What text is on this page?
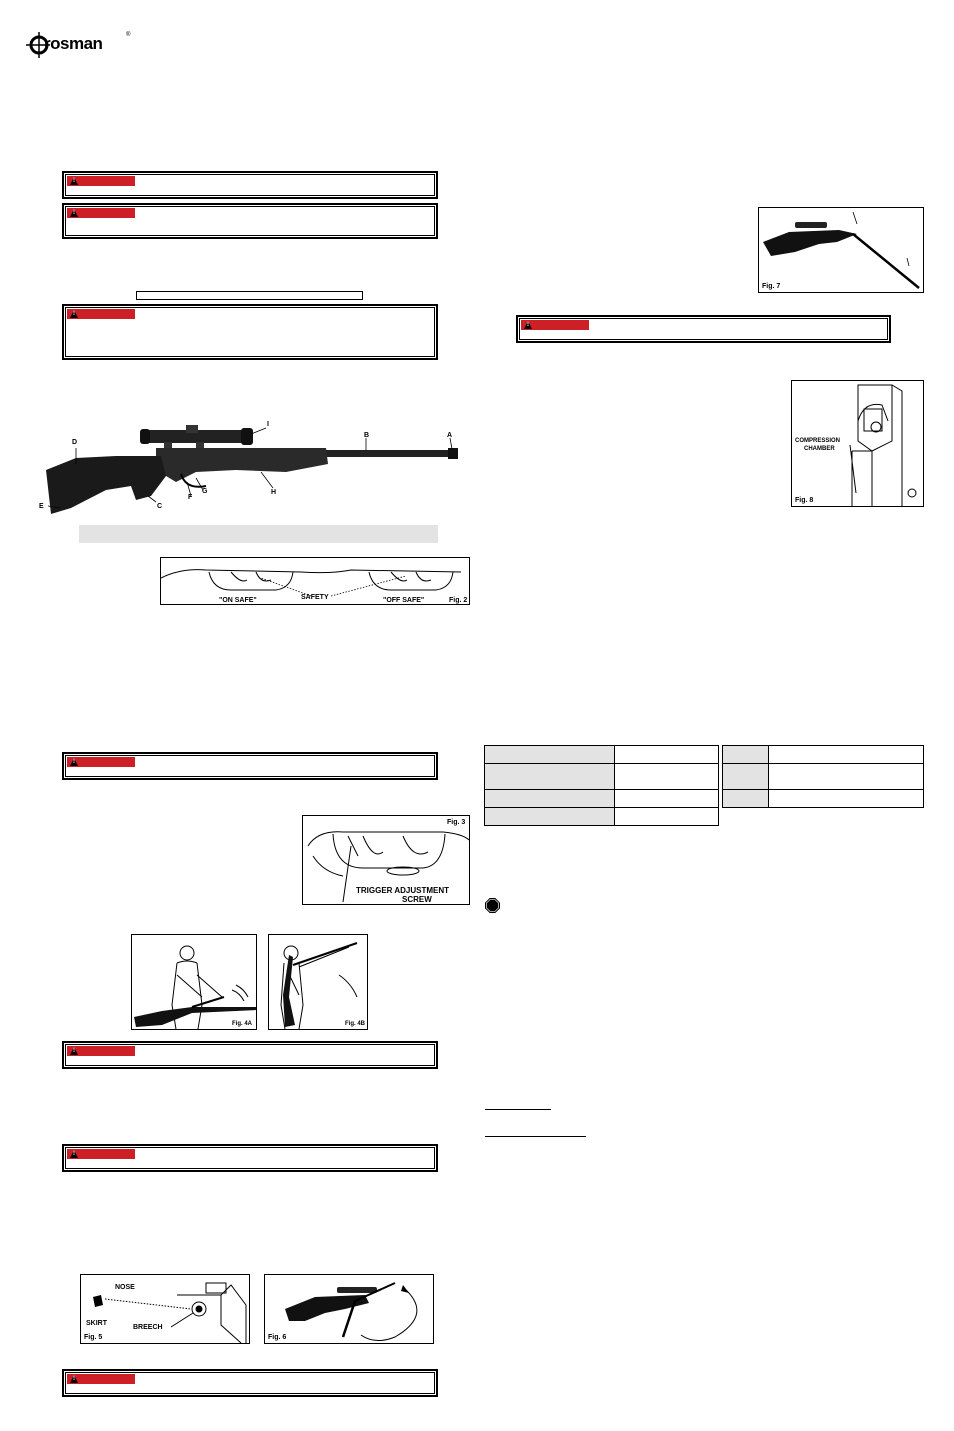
rosman	®
!
!
!
I
B	A
D
E	C
F
G	H
"ON SAFE"	SAFETY	"OFF SAFE"	Fig. 2
!
Fig. 3
TRIGGER ADJUSTMENT
SCREW
Fig. 4A	Fig. 4B
!
!
NOSE
SKIRT
BREECH
Fig. 5	Fig. 6
!
Fig. 7
!
COMPRESSION
CHAMBER
Fig. 8
